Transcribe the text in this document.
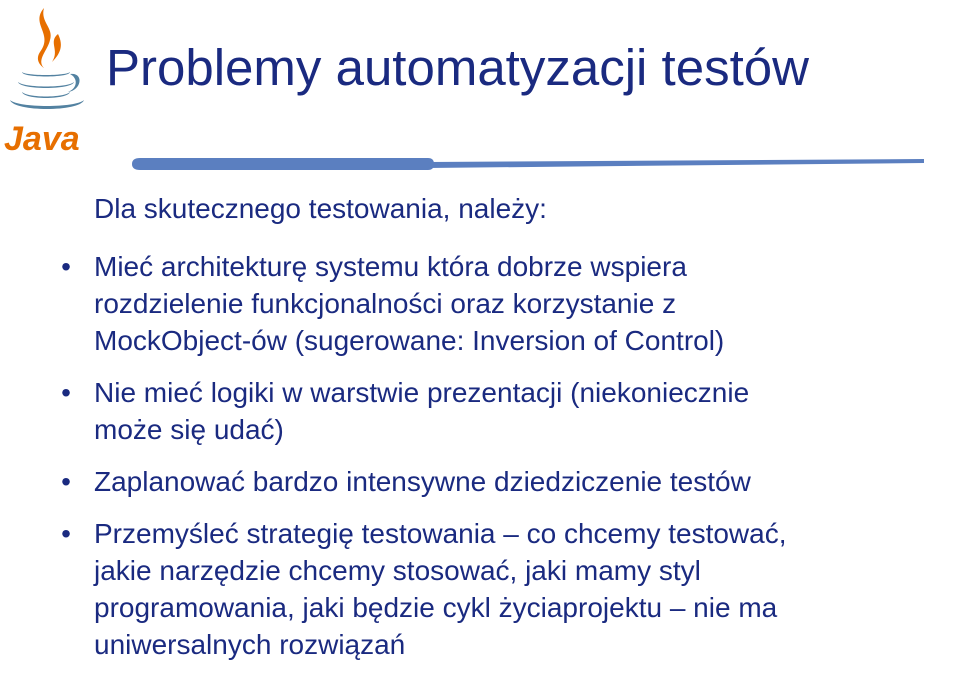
Java
Problemy automatyzacji testów

Dla skutecznego testowania, należy:

• Mieć architekturę systemu która dobrze wspiera
rozdzielenie funkcjonalności oraz korzystanie z
MockObject-ów (sugerowane: Inversion of Control)
• Nie mieć logiki w warstwie prezentacji (niekoniecznie
może się udać)
• Zaplanować bardzo intensywne dziedziczenie testów
• Przemyśleć strategię testowania – co chcemy testować,
jakie narzędzie chcemy stosować, jaki mamy styl
programowania, jaki będzie cykl życiaprojektu – nie ma
uniwersalnych rozwiązań
